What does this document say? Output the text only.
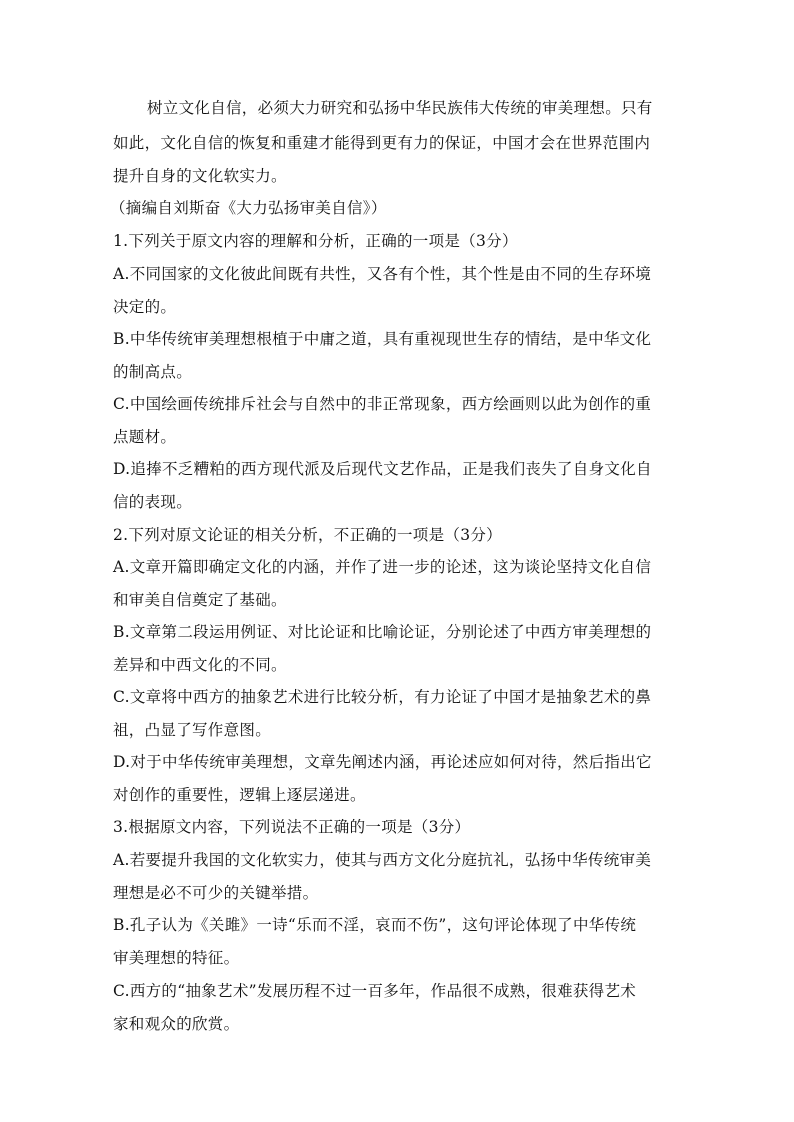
树立文化自信，必须大力研究和弘扬中华民族伟大传统的审美理想。只有
如此，文化自信的恢复和重建才能得到更有力的保证，中国才会在世界范围内
提升自身的文化软实力。
（摘编自刘斯奋《大力弘扬审美自信》）
1.下列关于原文内容的理解和分析，正确的一项是（3分）
A.不同国家的文化彼此间既有共性，又各有个性，其个性是由不同的生存环境
决定的。
B.中华传统审美理想根植于中庸之道，具有重视现世生存的情结，是中华文化
的制高点。
C.中国绘画传统排斥社会与自然中的非正常现象，西方绘画则以此为创作的重
点题材。
D.追捧不乏糟粕的西方现代派及后现代文艺作品，正是我们丧失了自身文化自
信的表现。
2.下列对原文论证的相关分析，不正确的一项是（3分）
A.文章开篇即确定文化的内涵，并作了进一步的论述，这为谈论坚持文化自信
和审美自信奠定了基础。
B.文章第二段运用例证、对比论证和比喻论证，分别论述了中西方审美理想的
差异和中西文化的不同。
C.文章将中西方的抽象艺术进行比较分析，有力论证了中国才是抽象艺术的鼻
祖，凸显了写作意图。
D.对于中华传统审美理想，文章先阐述内涵，再论述应如何对待，然后指出它
对创作的重要性，逻辑上逐层递进。
3.根据原文内容，下列说法不正确的一项是（3分）
A.若要提升我国的文化软实力，使其与西方文化分庭抗礼，弘扬中华传统审美
理想是必不可少的关键举措。
B.孔子认为《关雎》一诗“乐而不淫，哀而不伤”，这句评论体现了中华传统
审美理想的特征。
C.西方的“抽象艺术”发展历程不过一百多年，作品很不成熟，很难获得艺术
家和观众的欣赏。
